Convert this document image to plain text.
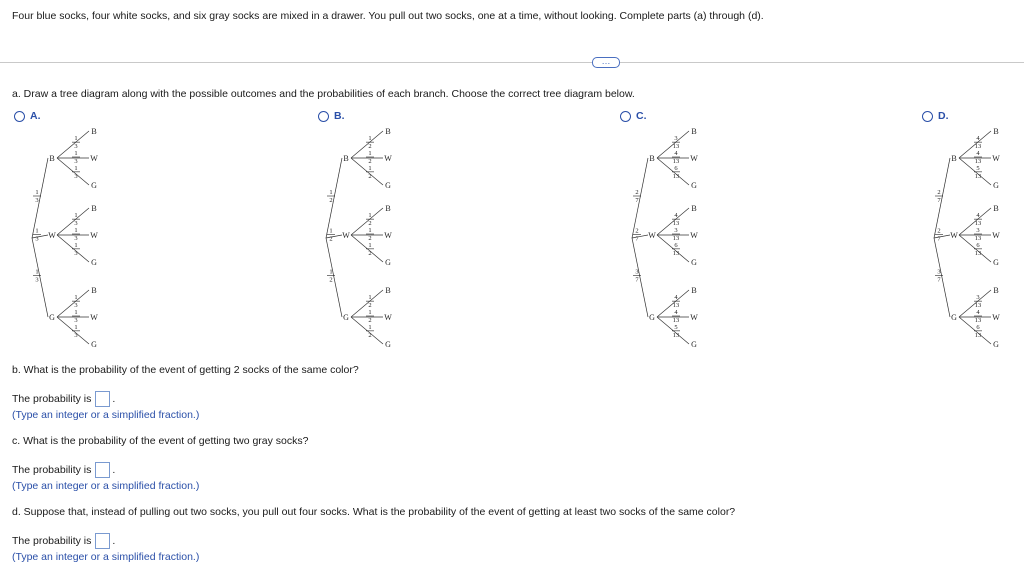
Four blue socks, four white socks, and six gray socks are mixed in a drawer. You pull out two socks, one at a time, without looking. Complete parts (a) through (d).
…
a. Draw a tree diagram along with the possible outcomes and the probabilities of each branch. Choose the correct tree diagram below.
A.	B.	C.	D.
B
1
3
B
1
3
W
1
3
G
1
3
W
1
3
B
1
3
W
1
3
G
1
3
G
1
3
B
1
3
W
1
3
G
1
3
B
1
2
B
1
2
W
1
2
G
1
2
W
1
2
B
1
2
W
1
2
G
1
2
G
1
2
B
1
2
W
1
2
G
1
2
B
2
7
B
3
13
W
4
13
G
6
13
W
2
7
B
4
13
W
3
13
G
6
13
G
3
7
B
4
13
W
4
13
G
5
13
B
2
7
B
4
13
W
4
13
G
5
13
W
2
7
B
4
13
W
3
13
G
6
13
G
3
7
B
3
13
W
4
13
G
6
13
b. What is the probability of the event of getting 2 socks of the same color?
The probability is .
(Type an integer or a simplified fraction.)
c. What is the probability of the event of getting two gray socks?
The probability is .
(Type an integer or a simplified fraction.)
d. Suppose that, instead of pulling out two socks, you pull out four socks. What is the probability of the event of getting at least two socks of the same color?
The probability is .
(Type an integer or a simplified fraction.)
